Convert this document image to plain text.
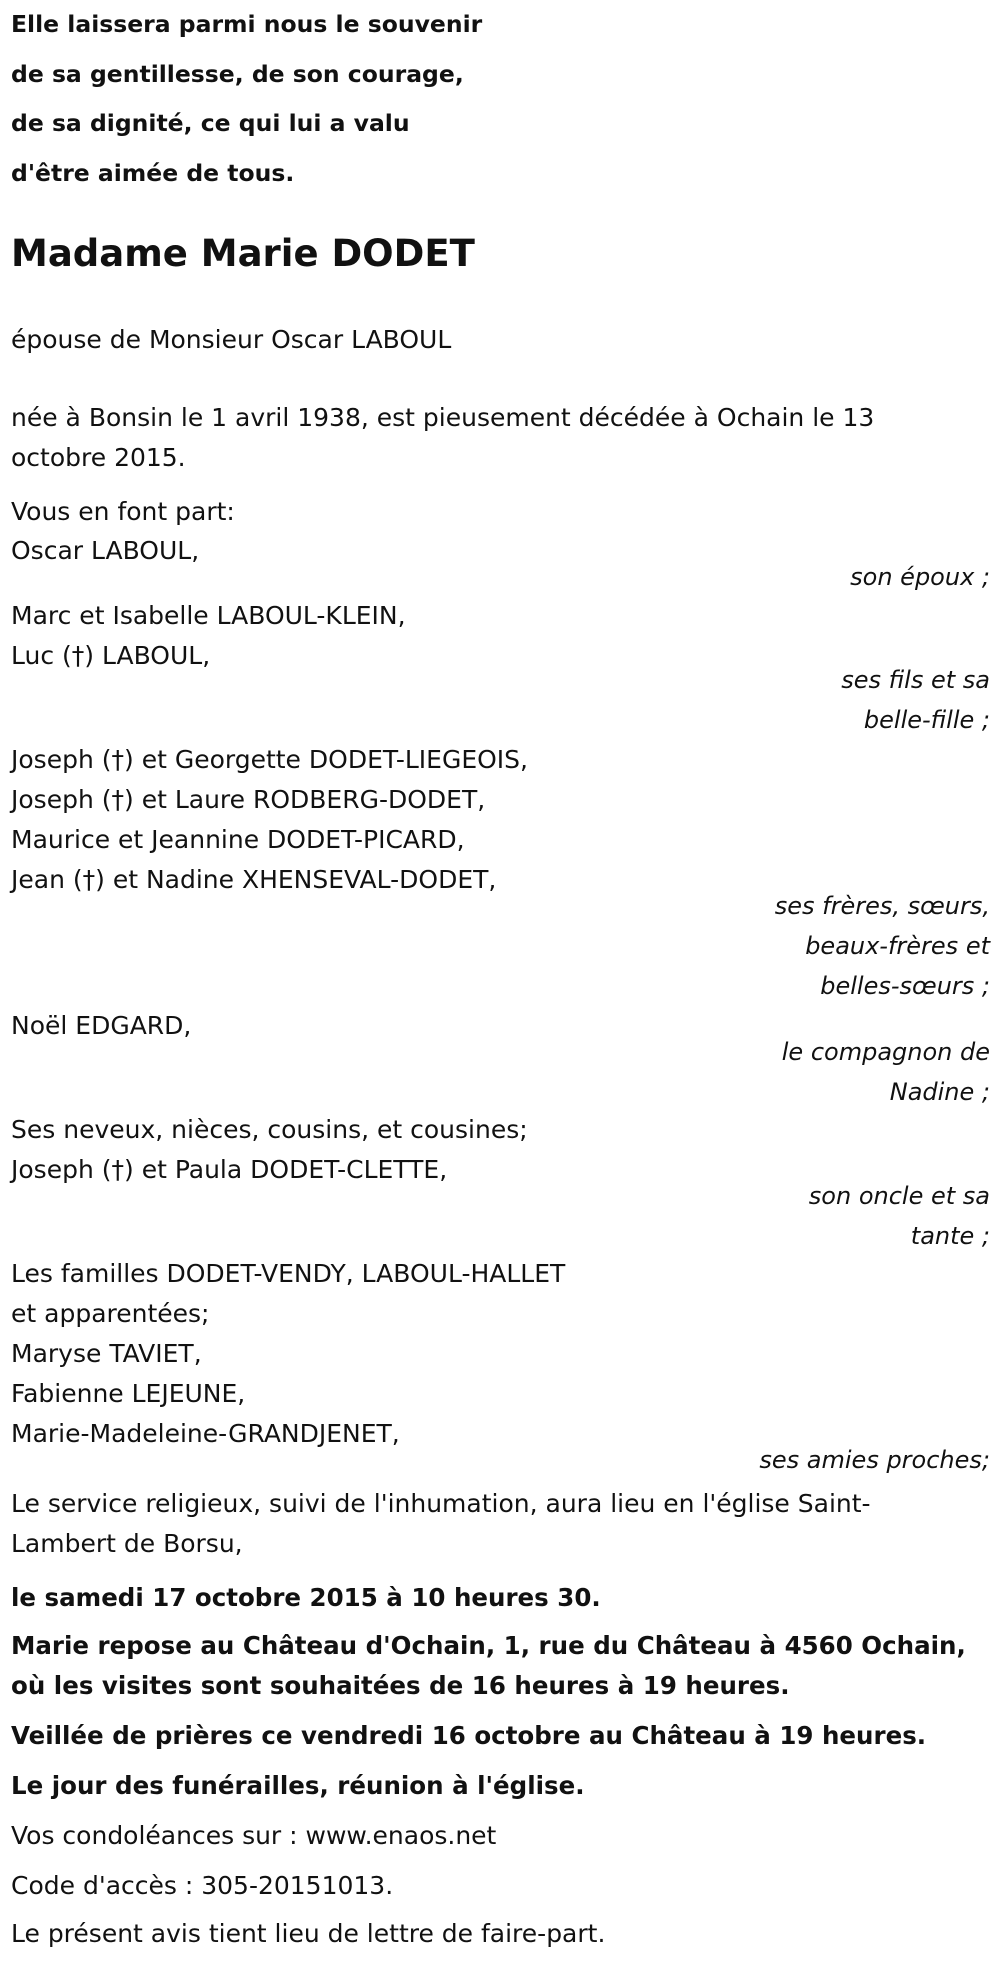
Elle laissera parmi nous le souvenir
de sa gentillesse, de son courage,
de sa dignité, ce qui lui a valu
d'être aimée de tous.
Madame Marie DODET
épouse de Monsieur Oscar LABOUL
née à Bonsin le 1 avril 1938, est pieusement décédée à Ochain le 13
octobre 2015.
Vous en font part:
Oscar LABOUL,
son époux ;
Marc et Isabelle LABOUL-KLEIN,
Luc (†) LABOUL,
ses fils et sa
belle-fille ;
Joseph (†) et Georgette DODET-LIEGEOIS,
Joseph (†) et Laure RODBERG-DODET,
Maurice et Jeannine DODET-PICARD,
Jean (†) et Nadine XHENSEVAL-DODET,
ses frères, sœurs,
beaux-frères et
belles-sœurs ;
Noël EDGARD,
le compagnon de
Nadine ;
Ses neveux, nièces, cousins, et cousines;
Joseph (†) et Paula DODET-CLETTE,
son oncle et sa
tante ;
Les familles DODET-VENDY, LABOUL-HALLET
et apparentées;
Maryse TAVIET,
Fabienne LEJEUNE,
Marie-Madeleine-GRANDJENET,
ses amies proches;
Le service religieux, suivi de l'inhumation, aura lieu en l'église Saint-
Lambert de Borsu,
le samedi 17 octobre 2015 à 10 heures 30.
Marie repose au Château d'Ochain, 1, rue du Château à 4560 Ochain,
où les visites sont souhaitées de 16 heures à 19 heures.
Veillée de prières ce vendredi 16 octobre au Château à 19 heures.
Le jour des funérailles, réunion à l'église.
Vos condoléances sur : www.enaos.net
Code d'accès : 305-20151013.
Le présent avis tient lieu de lettre de faire-part.
